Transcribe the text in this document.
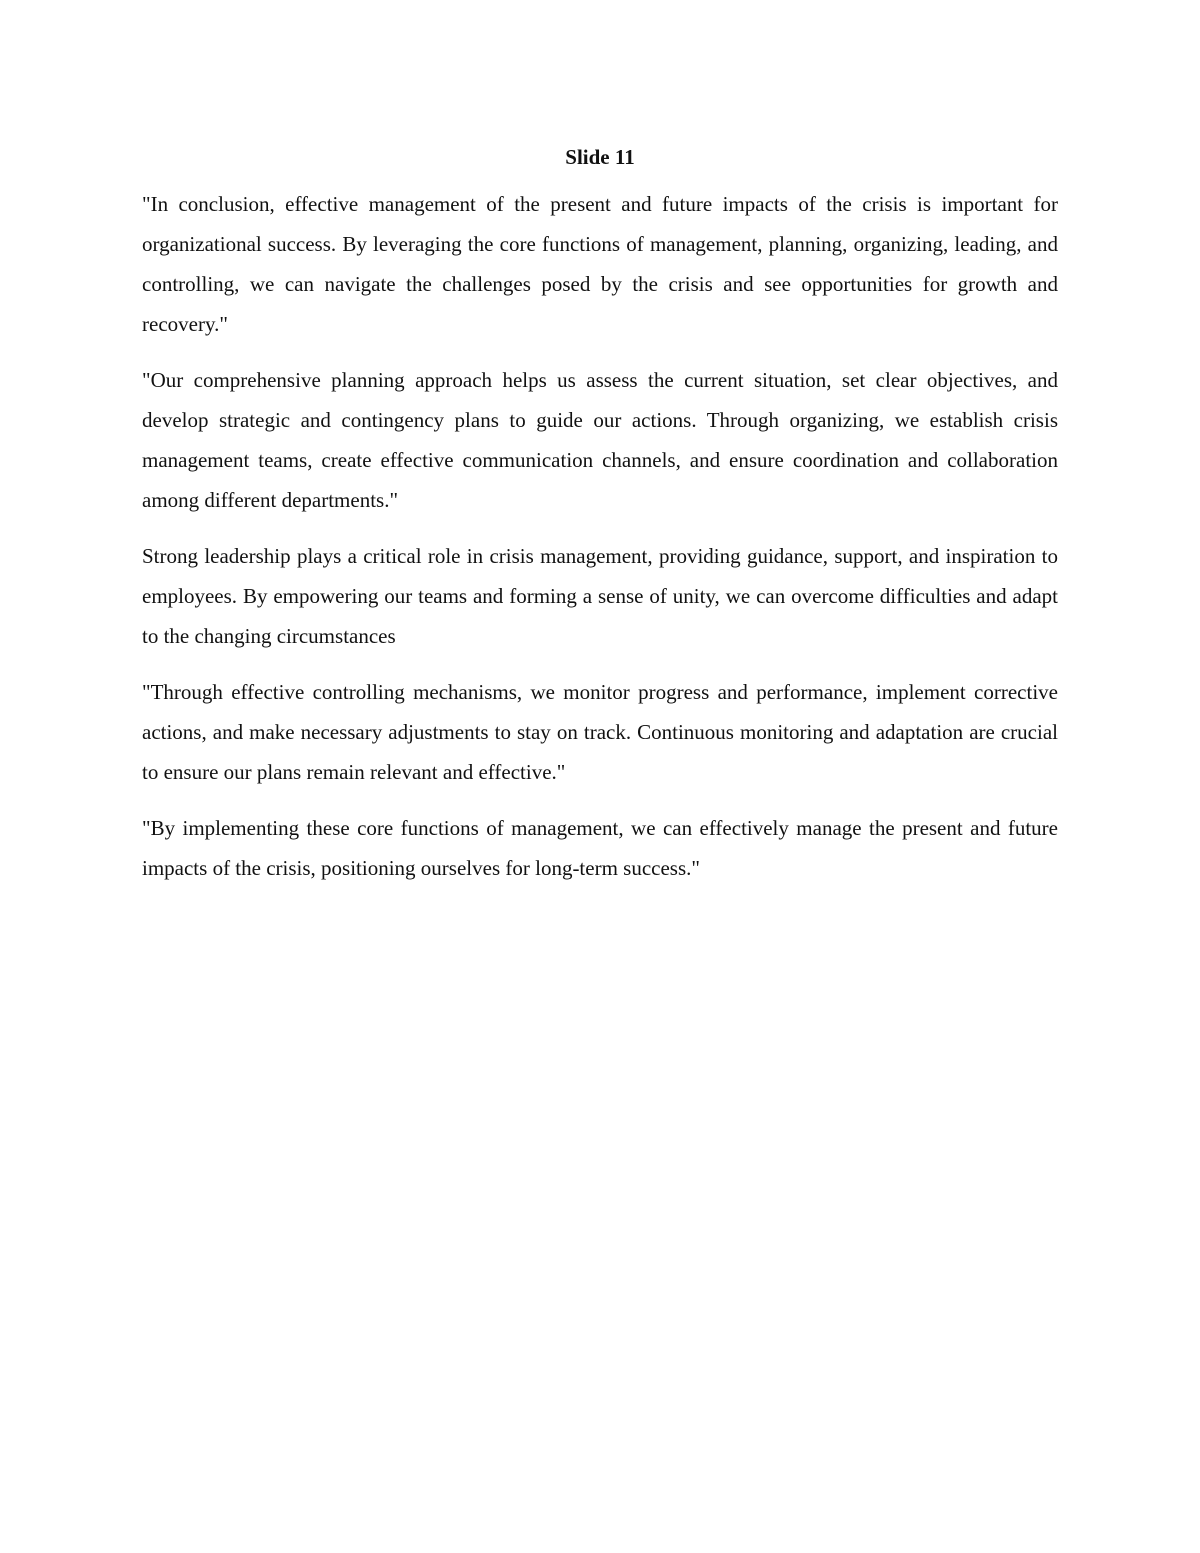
Slide 11

"In conclusion, effective management of the present and future impacts of the crisis is important for organizational success. By leveraging the core functions of management, planning, organizing, leading, and controlling, we can navigate the challenges posed by the crisis and see opportunities for growth and recovery."

"Our comprehensive planning approach helps us assess the current situation, set clear objectives, and develop strategic and contingency plans to guide our actions. Through organizing, we establish crisis management teams, create effective communication channels, and ensure coordination and collaboration among different departments."

Strong leadership plays a critical role in crisis management, providing guidance, support, and inspiration to employees. By empowering our teams and forming a sense of unity, we can overcome difficulties and adapt to the changing circumstances

"Through effective controlling mechanisms, we monitor progress and performance, implement corrective actions, and make necessary adjustments to stay on track. Continuous monitoring and adaptation are crucial to ensure our plans remain relevant and effective."

"By implementing these core functions of management, we can effectively manage the present and future impacts of the crisis, positioning ourselves for long-term success."
